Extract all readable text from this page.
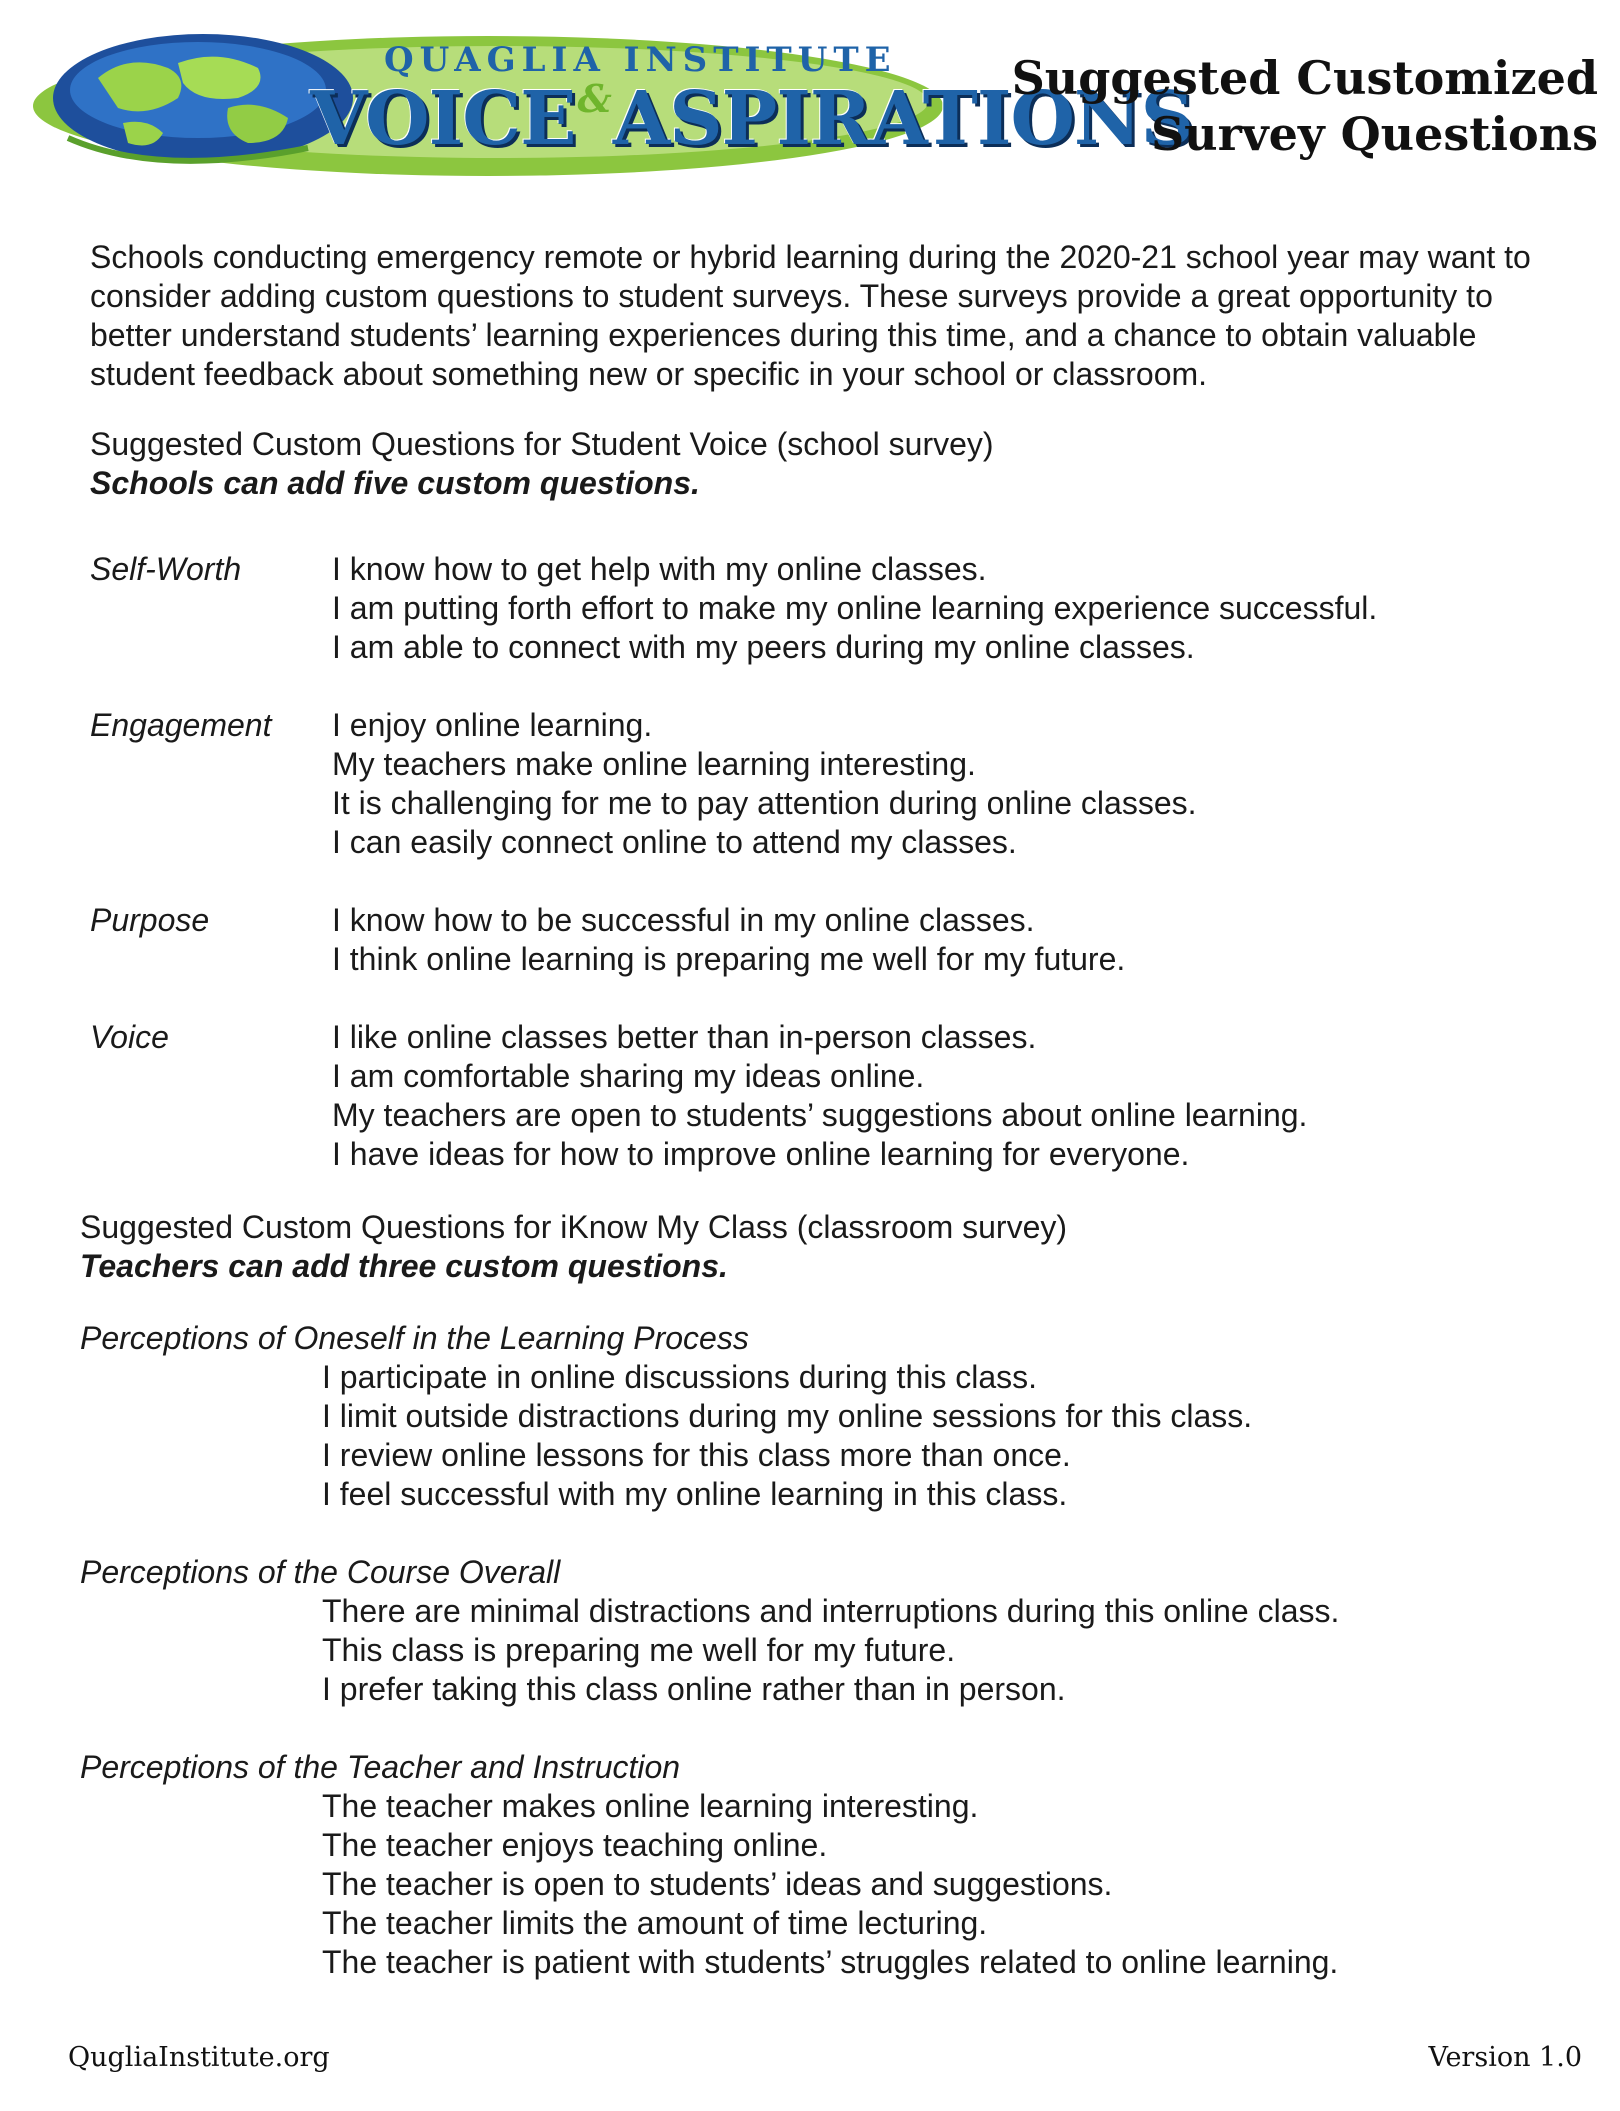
QUAGLIA INSTITUTE
VOICE&ASPIRATIONS
Suggested Customized
Survey Questions

Schools conducting emergency remote or hybrid learning during the 2020-21 school year may want to consider adding custom questions to student surveys. These surveys provide a great opportunity to better understand students’ learning experiences during this time, and a chance to obtain valuable student feedback about something new or specific in your school or classroom.

Suggested Custom Questions for Student Voice (school survey)
Schools can add five custom questions.
Self-Worth	I know how to get help with my online classes.
I am putting forth effort to make my online learning experience successful.
I am able to connect with my peers during my online classes.
Engagement I enjoy online learning.
My teachers make online learning interesting.
It is challenging for me to pay attention during online classes.
I can easily connect online to attend my classes.
Purpose	I know how to be successful in my online classes.
I think online learning is preparing me well for my future.
Voice	I like online classes better than in-person classes.
I am comfortable sharing my ideas online.
My teachers are open to students’ suggestions about online learning.
I have ideas for how to improve online learning for everyone.
Suggested Custom Questions for iKnow My Class (classroom survey)
Teachers can add three custom questions.
Perceptions of Oneself in the Learning Process
I participate in online discussions during this class.
I limit outside distractions during my online sessions for this class.
I review online lessons for this class more than once.
I feel successful with my online learning in this class.
Perceptions of the Course Overall
There are minimal distractions and interruptions during this online class.
This class is preparing me well for my future.
I prefer taking this class online rather than in person.
Perceptions of the Teacher and Instruction
The teacher makes online learning interesting.
The teacher enjoys teaching online.
The teacher is open to students’ ideas and suggestions.
The teacher limits the amount of time lecturing.
The teacher is patient with students’ struggles related to online learning.
QugliaInstitute.org	Version 1.0
